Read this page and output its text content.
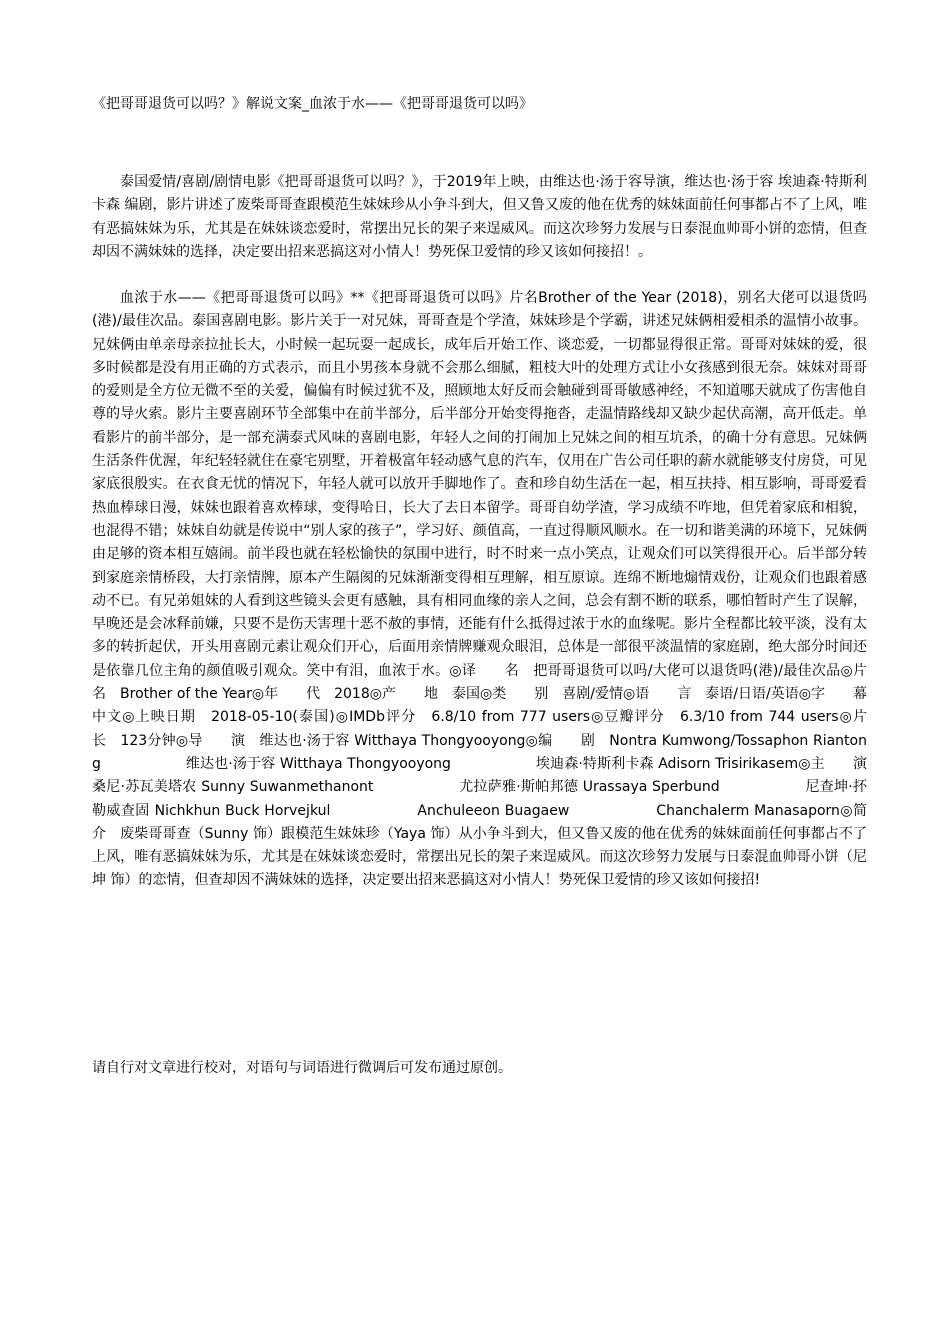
《把哥哥退货可以吗？》解说文案_血浓于水——《把哥哥退货可以吗》

泰国爱情/喜剧/剧情电影《把哥哥退货可以吗？》，于2019年上映，由维达也·汤于容导演，维达也·汤于容 埃迪森·特斯利卡森 编剧，影片讲述了废柴哥哥查跟模范生妹妹珍从小争斗到大，但又鲁又废的他在优秀的妹妹面前任何事都占不了上风，唯有恶搞妹妹为乐，尤其是在妹妹谈恋爱时，常摆出兄长的架子来逞威风。而这次珍努力发展与日泰混血帅哥小饼的恋情，但查却因不满妹妹的选择，决定要出招来恶搞这对小情人！势死保卫爱情的珍又该如何接招！。

血浓于水——《把哥哥退货可以吗》**《把哥哥退货可以吗》片名Brother of the Year (2018)，别名大佬可以退货吗(港)/最佳次品。泰国喜剧电影。影片关于一对兄妹，哥哥查是个学渣，妹妹珍是个学霸，讲述兄妹俩相爱相杀的温情小故事。兄妹俩由单亲母亲拉扯长大，小时候一起玩耍一起成长，成年后开始工作、谈恋爱，一切都显得很正常。哥哥对妹妹的爱，很多时候都是没有用正确的方式表示，而且小男孩本身就不会那么细腻，粗枝大叶的处理方式让小女孩感到很无奈。妹妹对哥哥的爱则是全方位无微不至的关爱，偏偏有时候过犹不及，照顾地太好反而会触碰到哥哥敏感神经，不知道哪天就成了伤害他自尊的导火索。影片主要喜剧环节全部集中在前半部分，后半部分开始变得拖沓，走温情路线却又缺少起伏高潮，高开低走。单看影片的前半部分，是一部充满泰式风味的喜剧电影，年轻人之间的打闹加上兄妹之间的相互坑杀，的确十分有意思。兄妹俩生活条件优渥，年纪轻轻就住在豪宅别墅，开着极富年轻动感气息的汽车，仅用在广告公司任职的薪水就能够支付房贷，可见家底很殷实。在衣食无忧的情况下，年轻人就可以放开手脚地作了。查和珍自幼生活在一起，相互扶持、相互影响，哥哥爱看热血棒球日漫，妹妹也跟着喜欢棒球，变得哈日，长大了去日本留学。哥哥自幼学渣，学习成绩不咋地，但凭着家底和相貌，也混得不错；妹妹自幼就是传说中“别人家的孩子”，学习好、颜值高，一直过得顺风顺水。在一切和谐美满的环境下，兄妹俩由足够的资本相互嬉闹。前半段也就在轻松愉快的氛围中进行，时不时来一点小笑点，让观众们可以笑得很开心。后半部分转到家庭亲情桥段，大打亲情牌，原本产生隔阂的兄妹渐渐变得相互理解，相互原谅。连绵不断地煽情戏份，让观众们也跟着感动不已。有兄弟姐妹的人看到这些镜头会更有感触，具有相同血缘的亲人之间，总会有割不断的联系，哪怕暂时产生了误解，早晚还是会冰释前嫌，只要不是伤天害理十恶不赦的事情，还能有什么抵得过浓于水的血缘呢。影片全程都比较平淡，没有太多的转折起伏，开头用喜剧元素让观众们开心，后面用亲情牌赚观众眼泪，总体是一部很平淡温情的家庭剧，绝大部分时间还是依靠几位主角的颜值吸引观众。笑中有泪，血浓于水。◎译　　名　把哥哥退货可以吗/大佬可以退货吗(港)/最佳次品◎片　　名　Brother of the Year◎年　　代　2018◎产　　地　泰国◎类　　别　喜剧/爱情◎语　　言　泰语/日语/英语◎字　　幕　中文◎上映日期　2018-05-10(泰国)◎IMDb评分　6.8/10 from 777 users◎豆瓣评分　6.3/10 from 744 users◎片　　长　123分钟◎导　　演　维达也·汤于容 Witthaya Thongyooyong◎编　　剧　Nontra Kumwong/Tossaphon Riantong　　　　　　维达也·汤于容 Witthaya Thongyooyong　　　　　　埃迪森·特斯利卡森 Adisorn Trisirikasem◎主　　演　桑尼·苏瓦美塔农 Sunny Suwanmethanont　　　　　　尤拉萨雅·斯帕邦德 Urassaya Sperbund　　　　　　尼查坤·抔勒威查固 Nichkhun Buck Horvejkul　　　　　　Anchuleeon Buagaew　　　　　　Chanchalerm Manasaporn◎简　　介　废柴哥哥查（Sunny 饰）跟模范生妹妹珍（Yaya 饰）从小争斗到大，但又鲁又废的他在优秀的妹妹面前任何事都占不了上风，唯有恶搞妹妹为乐，尤其是在妹妹谈恋爱时，常摆出兄长的架子来逞威风。而这次珍努力发展与日泰混血帅哥小饼（尼坤 饰）的恋情，但查却因不满妹妹的选择，决定要出招来恶搞这对小情人！势死保卫爱情的珍又该如何接招!

请自行对文章进行校对，对语句与词语进行微调后可发布通过原创。
